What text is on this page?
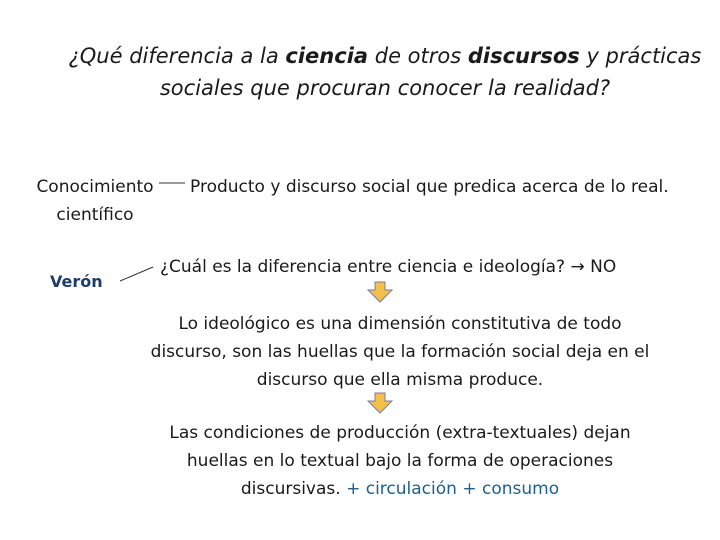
¿Qué diferencia a la ciencia de otros discursos y prácticas sociales que procuran conocer la realidad?
Conocimiento científico
Producto y discurso social que predica acerca de lo real.
Verón
¿Cuál es la diferencia entre ciencia e ideología? → NO
Lo ideológico es una dimensión constitutiva de todo discurso, son las huellas que la formación social deja en el discurso que ella misma produce.
Las condiciones de producción (extra-textuales) dejan huellas en lo textual bajo la forma de operaciones discursivas. + circulación + consumo
